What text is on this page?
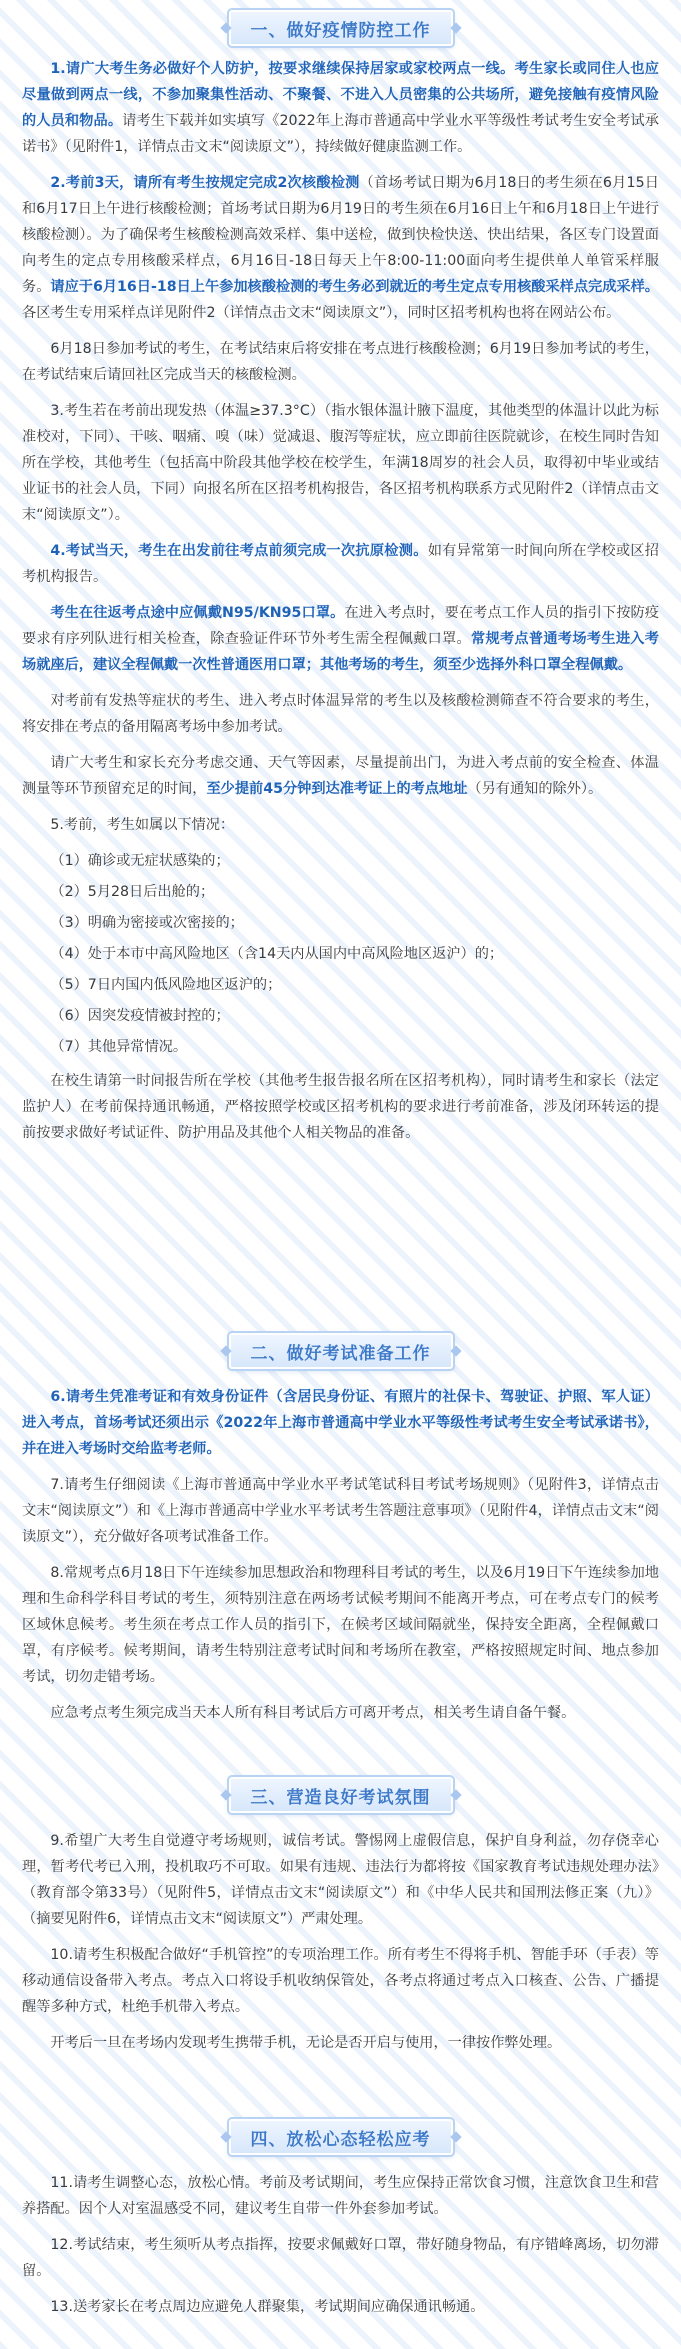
一、做好疫情防控工作

1.请广大考生务必做好个人防护，按要求继续保持居家或家校两点一线。考生家长或同住人也应尽量做到两点一线，不参加聚集性活动、不聚餐、不进入人员密集的公共场所，避免接触有疫情风险的人员和物品。请考生下载并如实填写《2022年上海市普通高中学业水平等级性考试考生安全考试承诺书》（见附件1，详情点击文末“阅读原文”），持续做好健康监测工作。

2.考前3天，请所有考生按规定完成2次核酸检测（首场考试日期为6月18日的考生须在6月15日和6月17日上午进行核酸检测；首场考试日期为6月19日的考生须在6月16日上午和6月18日上午进行核酸检测）。为了确保考生核酸检测高效采样、集中送检，做到快检快送、快出结果，各区专门设置面向考生的定点专用核酸采样点，6月16日-18日每天上午8:00-11:00面向考生提供单人单管采样服务。请应于6月16日-18日上午参加核酸检测的考生务必到就近的考生定点专用核酸采样点完成采样。各区考生专用采样点详见附件2（详情点击文末“阅读原文”），同时区招考机构也将在网站公布。

6月18日参加考试的考生，在考试结束后将安排在考点进行核酸检测；6月19日参加考试的考生，在考试结束后请回社区完成当天的核酸检测。

3.考生若在考前出现发热（体温≥37.3°C）（指水银体温计腋下温度，其他类型的体温计以此为标准校对，下同）、干咳、咽痛、嗅（味）觉减退、腹泻等症状，应立即前往医院就诊，在校生同时告知所在学校，其他考生（包括高中阶段其他学校在校学生，年满18周岁的社会人员，取得初中毕业或结业证书的社会人员，下同）向报名所在区招考机构报告，各区招考机构联系方式见附件2（详情点击文末“阅读原文”）。

4.考试当天，考生在出发前往考点前须完成一次抗原检测。如有异常第一时间向所在学校或区招考机构报告。

考生在往返考点途中应佩戴N95/KN95口罩。在进入考点时，要在考点工作人员的指引下按防疫要求有序列队进行相关检查，除查验证件环节外考生需全程佩戴口罩。常规考点普通考场考生进入考场就座后，建议全程佩戴一次性普通医用口罩；其他考场的考生，须至少选择外科口罩全程佩戴。

对考前有发热等症状的考生、进入考点时体温异常的考生以及核酸检测筛查不符合要求的考生，将安排在考点的备用隔离考场中参加考试。

请广大考生和家长充分考虑交通、天气等因素，尽量提前出门，为进入考点前的安全检查、体温测量等环节预留充足的时间，至少提前45分钟到达准考证上的考点地址（另有通知的除外）。

5.考前，考生如属以下情况：

（1）确诊或无症状感染的；

（2）5月28日后出舱的；

（3）明确为密接或次密接的；

（4）处于本市中高风险地区（含14天内从国内中高风险地区返沪）的；

（5）7日内国内低风险地区返沪的；

（6）因突发疫情被封控的；

（7）其他异常情况。

在校生请第一时间报告所在学校（其他考生报告报名所在区招考机构），同时请考生和家长（法定监护人）在考前保持通讯畅通，严格按照学校或区招考机构的要求进行考前准备，涉及闭环转运的提前按要求做好考试证件、防护用品及其他个人相关物品的准备。

二、做好考试准备工作

6.请考生凭准考证和有效身份证件（含居民身份证、有照片的社保卡、驾驶证、护照、军人证）进入考点，首场考试还须出示《2022年上海市普通高中学业水平等级性考试考生安全考试承诺书》，并在进入考场时交给监考老师。

7.请考生仔细阅读《上海市普通高中学业水平考试笔试科目考试考场规则》（见附件3，详情点击文末“阅读原文”）和《上海市普通高中学业水平考试考生答题注意事项》（见附件4，详情点击文末“阅读原文”），充分做好各项考试准备工作。

8.常规考点6月18日下午连续参加思想政治和物理科目考试的考生，以及6月19日下午连续参加地理和生命科学科目考试的考生，须特别注意在两场考试候考期间不能离开考点，可在考点专门的候考区域休息候考。考生须在考点工作人员的指引下，在候考区域间隔就坐，保持安全距离，全程佩戴口罩，有序候考。候考期间，请考生特别注意考试时间和考场所在教室，严格按照规定时间、地点参加考试，切勿走错考场。

应急考点考生须完成当天本人所有科目考试后方可离开考点，相关考生请自备午餐。

三、营造良好考试氛围

9.希望广大考生自觉遵守考场规则，诚信考试。警惕网上虚假信息，保护自身利益，勿存侥幸心理，暂考代考已入刑，投机取巧不可取。如果有违规、违法行为都将按《国家教育考试违规处理办法》（教育部令第33号）（见附件5，详情点击文末“阅读原文”）和《中华人民共和国刑法修正案（九）》（摘要见附件6，详情点击文末“阅读原文”）严肃处理。

10.请考生积极配合做好“手机管控”的专项治理工作。所有考生不得将手机、智能手环（手表）等移动通信设备带入考点。考点入口将设手机收纳保管处，各考点将通过考点入口核查、公告、广播提醒等多种方式，杜绝手机带入考点。

开考后一旦在考场内发现考生携带手机，无论是否开启与使用，一律按作弊处理。

四、放松心态轻松应考

11.请考生调整心态，放松心情。考前及考试期间，考生应保持正常饮食习惯，注意饮食卫生和营养搭配。因个人对室温感受不同，建议考生自带一件外套参加考试。

12.考试结束，考生须听从考点指挥，按要求佩戴好口罩，带好随身物品，有序错峰离场，切勿滞留。

13.送考家长在考点周边应避免人群聚集，考试期间应确保通讯畅通。
